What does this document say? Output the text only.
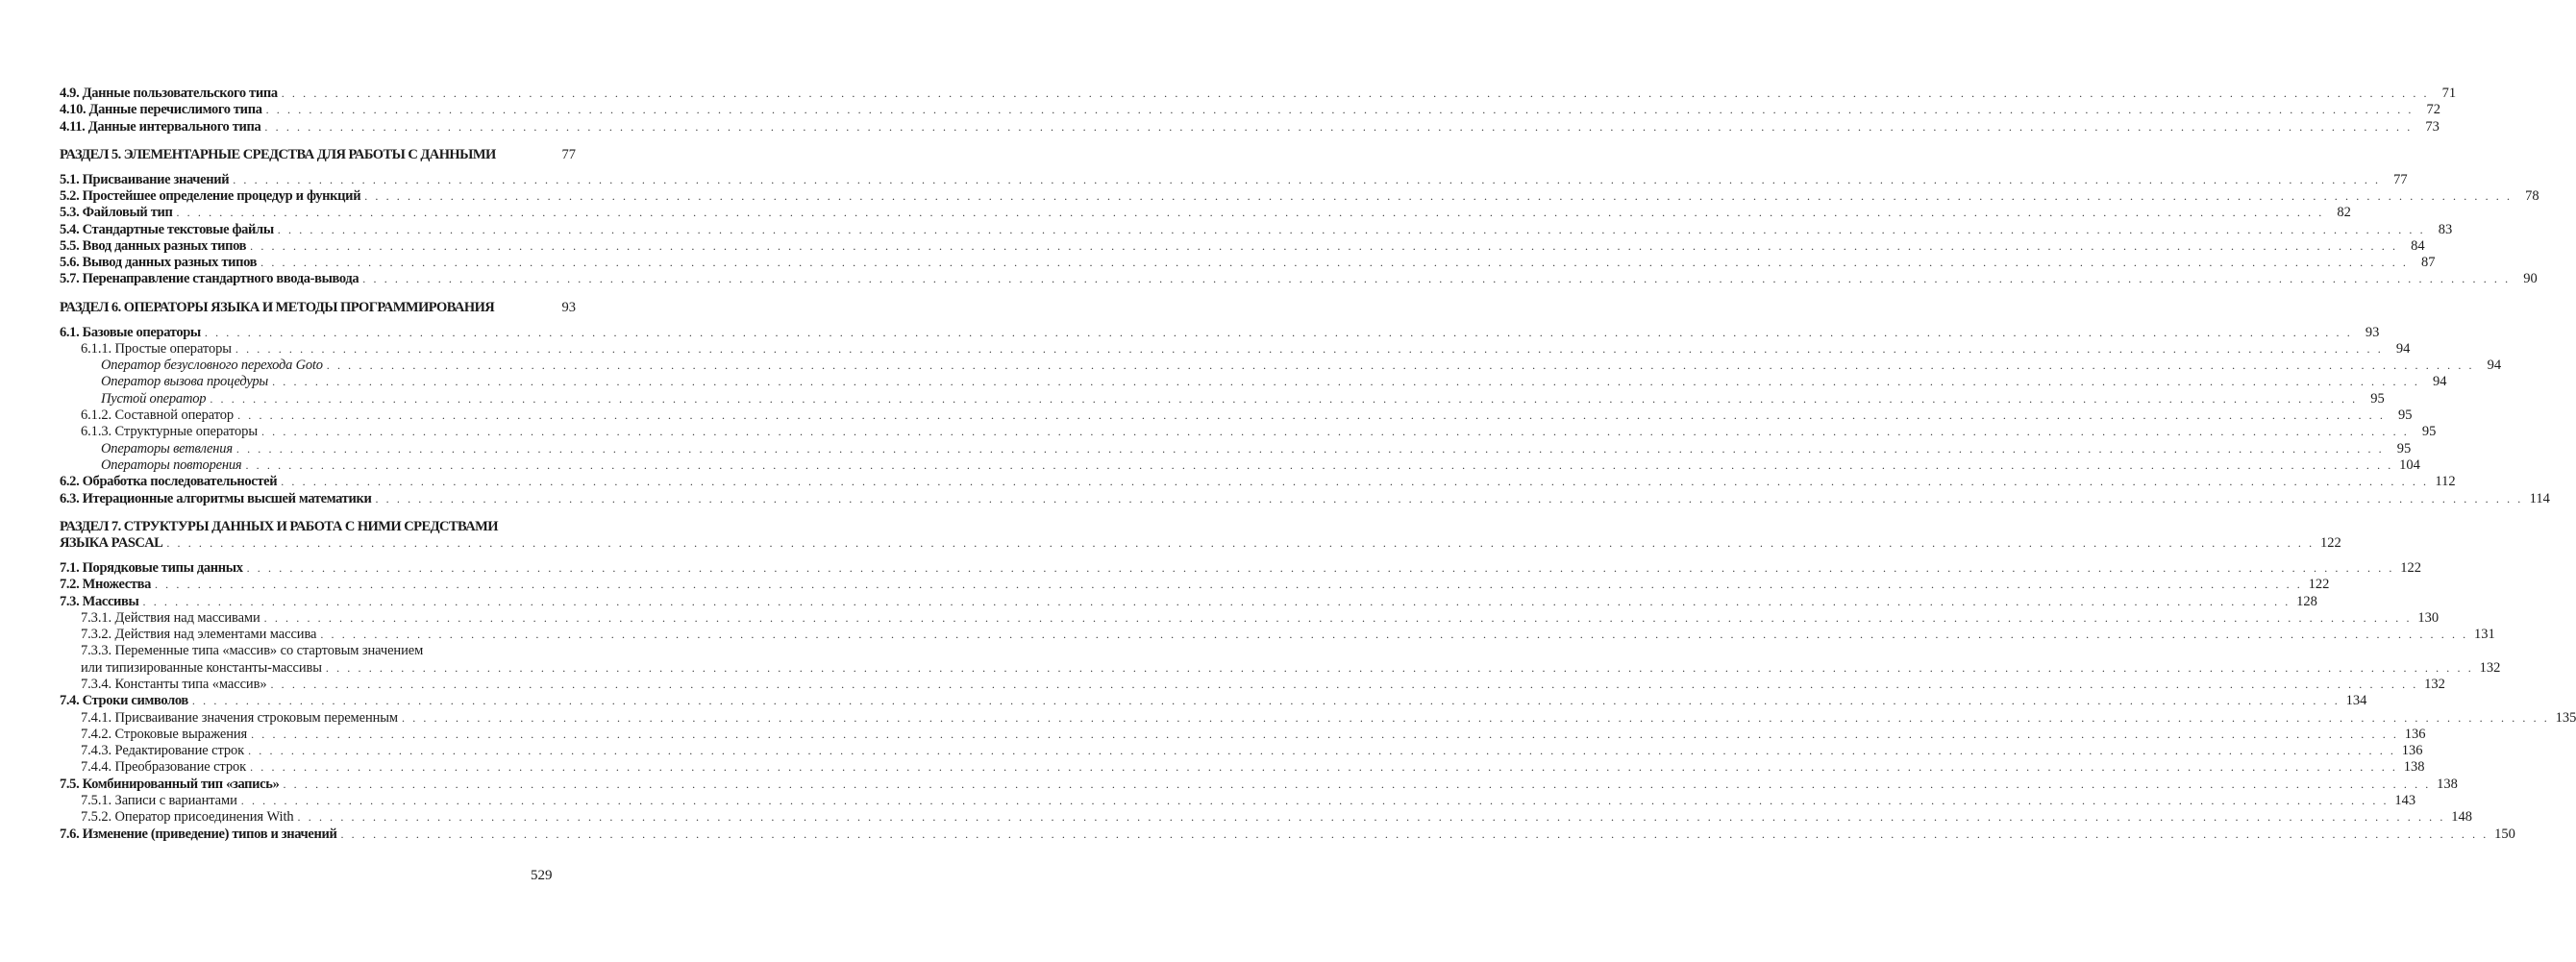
4.9. Данные пользовательского типа . . . . . . . . . . . . . . . . . . . . . . . . . . . . . . . . . . . . . . . . . . . . . . . . . . . . . . . . . . . . . . . . . . . . . . . . . . . . . . . . . . . . . . . . . . . . . . . . . . . . . . . . . . . . . . . . . . . . . . . . . . . . . . . . . . . . . . . . . . . . . . . . . . . . . . . . . . . . . . . . . . . . . . . . . . . . . . . . . . . . . . . . . . . . . . . . . . . . . . . . 71
4.10. Данные перечислимого типа . . . . . . . . . . . . . . . . . . . . . . . . . . . . . . . . . . . . . . . . . . . . . . . . . . . . . . . . . . . . . . . . . . . . . . . . . . . . . . . . . . . . . . . . . . . . . . . . . . . . . . . . . . . . . . . . . . . . . . . . . . . . . . . . . . . . . . . . . . . . . . . . . . . . . . . . . . . . . . . . . . . . . . . . . . . . . . . . . . . . . . . . . . . . . . . . . . . . . . . . 72
4.11. Данные интервального типа . . . . . . . . . . . . . . . . . . . . . . . . . . . . . . . . . . . . . . . . . . . . . . . . . . . . . . . . . . . . . . . . . . . . . . . . . . . . . . . . . . . . . . . . . . . . . . . . . . . . . . . . . . . . . . . . . . . . . . . . . . . . . . . . . . . . . . . . . . . . . . . . . . . . . . . . . . . . . . . . . . . . . . . . . . . . . . . . . . . . . . . . . . . . . . . . . . . . . . . . 73
РАЗДЕЛ 5. ЭЛЕМЕНТАРНЫЕ СРЕДСТВА ДЛЯ РАБОТЫ С ДАННЫМИ	77
5.1. Присваивание значений . . . . . . . . . . . . . . . . . . . . . . . . . . . . . . . . . . . . . . . . . . . . . . . . . . . . . . . . . . . . . . . . . . . . . . . . . . . . . . . . . . . . . . . . . . . . . . . . . . . . . . . . . . . . . . . . . . . . . . . . . . . . . . . . . . . . . . . . . . . . . . . . . . . . . . . . . . . . . . . . . . . . . . . . . . . . . . . . . . . . . . . . . . . . . . . . . . . . . . . . 77
5.2. Простейшее определение процедур и функций . . . . . . . . . . . . . . . . . . . . . . . . . . . . . . . . . . . . . . . . . . . . . . . . . . . . . . . . . . . . . . . . . . . . . . . . . . . . . . . . . . . . . . . . . . . . . . . . . . . . . . . . . . . . . . . . . . . . . . . . . . . . . . . . . . . . . . . . . . . . . . . . . . . . . . . . . . . . . . . . . . . . . . . . . . . . . . . . . . . . . . . . . . . . . . . . . . . . . . . . 78
5.3. Файловый тип . . . . . . . . . . . . . . . . . . . . . . . . . . . . . . . . . . . . . . . . . . . . . . . . . . . . . . . . . . . . . . . . . . . . . . . . . . . . . . . . . . . . . . . . . . . . . . . . . . . . . . . . . . . . . . . . . . . . . . . . . . . . . . . . . . . . . . . . . . . . . . . . . . . . . . . . . . . . . . . . . . . . . . . . . . . . . . . . . . . . . . . . . . . . . . . . . . . . . . . . 82
5.4. Стандартные текстовые файлы . . . . . . . . . . . . . . . . . . . . . . . . . . . . . . . . . . . . . . . . . . . . . . . . . . . . . . . . . . . . . . . . . . . . . . . . . . . . . . . . . . . . . . . . . . . . . . . . . . . . . . . . . . . . . . . . . . . . . . . . . . . . . . . . . . . . . . . . . . . . . . . . . . . . . . . . . . . . . . . . . . . . . . . . . . . . . . . . . . . . . . . . . . . . . . . . . . . . . . . . 83
5.5. Ввод данных разных типов . . . . . . . . . . . . . . . . . . . . . . . . . . . . . . . . . . . . . . . . . . . . . . . . . . . . . . . . . . . . . . . . . . . . . . . . . . . . . . . . . . . . . . . . . . . . . . . . . . . . . . . . . . . . . . . . . . . . . . . . . . . . . . . . . . . . . . . . . . . . . . . . . . . . . . . . . . . . . . . . . . . . . . . . . . . . . . . . . . . . . . . . . . . . . . . . . . . . . . . . 84
5.6. Вывод данных разных типов . . . . . . . . . . . . . . . . . . . . . . . . . . . . . . . . . . . . . . . . . . . . . . . . . . . . . . . . . . . . . . . . . . . . . . . . . . . . . . . . . . . . . . . . . . . . . . . . . . . . . . . . . . . . . . . . . . . . . . . . . . . . . . . . . . . . . . . . . . . . . . . . . . . . . . . . . . . . . . . . . . . . . . . . . . . . . . . . . . . . . . . . . . . . . . . . . . . . . . . . 87
5.7. Перенаправление стандартного ввода-вывода . . . . . . . . . . . . . . . . . . . . . . . . . . . . . . . . . . . . . . . . . . . . . . . . . . . . . . . . . . . . . . . . . . . . . . . . . . . . . . . . . . . . . . . . . . . . . . . . . . . . . . . . . . . . . . . . . . . . . . . . . . . . . . . . . . . . . . . . . . . . . . . . . . . . . . . . . . . . . . . . . . . . . . . . . . . . . . . . . . . . . . . . . . . . . . . . . . . . . . . . 90
РАЗДЕЛ 6. ОПЕРАТОРЫ ЯЗЫКА И МЕТОДЫ ПРОГРАММИРОВАНИЯ	93
6.1. Базовые операторы . . . . . . . . . . . . . . . . . . . . . . . . . . . . . . . . . . . . . . . . . . . . . . . . . . . . . . . . . . . . . . . . . . . . . . . . . . . . . . . . . . . . . . . . . . . . . . . . . . . . . . . . . . . . . . . . . . . . . . . . . . . . . . . . . . . . . . . . . . . . . . . . . . . . . . . . . . . . . . . . . . . . . . . . . . . . . . . . . . . . . . . . . . . . . . . . . . . . . . . . 93
6.1.1. Простые операторы . . . . . . . . . . . . . . . . . . . . . . . . . . . . . . . . . . . . . . . . . . . . . . . . . . . . . . . . . . . . . . . . . . . . . . . . . . . . . . . . . . . . . . . . . . . . . . . . . . . . . . . . . . . . . . . . . . . . . . . . . . . . . . . . . . . . . . . . . . . . . . . . . . . . . . . . . . . . . . . . . . . . . . . . . . . . . . . . . . . . . . . . . . . . . . . . . . . . . . . . 94
Оператор безусловного перехода Goto . . . . . . . . . . . . . . . . . . . . . . . . . . . . . . . . . . . . . . . . . . . . . . . . . . . . . . . . . . . . . . . . . . . . . . . . . . . . . . . . . . . . . . . . . . . . . . . . . . . . . . . . . . . . . . . . . . . . . . . . . . . . . . . . . . . . . . . . . . . . . . . . . . . . . . . . . . . . . . . . . . . . . . . . . . . . . . . . . . . . . . . . . . . . . . . . . . . . . . . . 94
Оператор вызова процедуры . . . . . . . . . . . . . . . . . . . . . . . . . . . . . . . . . . . . . . . . . . . . . . . . . . . . . . . . . . . . . . . . . . . . . . . . . . . . . . . . . . . . . . . . . . . . . . . . . . . . . . . . . . . . . . . . . . . . . . . . . . . . . . . . . . . . . . . . . . . . . . . . . . . . . . . . . . . . . . . . . . . . . . . . . . . . . . . . . . . . . . . . . . . . . . . . . . . . . . . . 94
Пустой оператор . . . . . . . . . . . . . . . . . . . . . . . . . . . . . . . . . . . . . . . . . . . . . . . . . . . . . . . . . . . . . . . . . . . . . . . . . . . . . . . . . . . . . . . . . . . . . . . . . . . . . . . . . . . . . . . . . . . . . . . . . . . . . . . . . . . . . . . . . . . . . . . . . . . . . . . . . . . . . . . . . . . . . . . . . . . . . . . . . . . . . . . . . . . . . . . . . . . . . . . . 95
6.1.2. Составной оператор . . . . . . . . . . . . . . . . . . . . . . . . . . . . . . . . . . . . . . . . . . . . . . . . . . . . . . . . . . . . . . . . . . . . . . . . . . . . . . . . . . . . . . . . . . . . . . . . . . . . . . . . . . . . . . . . . . . . . . . . . . . . . . . . . . . . . . . . . . . . . . . . . . . . . . . . . . . . . . . . . . . . . . . . . . . . . . . . . . . . . . . . . . . . . . . . . . . . . . . . 95
6.1.3. Структурные операторы . . . . . . . . . . . . . . . . . . . . . . . . . . . . . . . . . . . . . . . . . . . . . . . . . . . . . . . . . . . . . . . . . . . . . . . . . . . . . . . . . . . . . . . . . . . . . . . . . . . . . . . . . . . . . . . . . . . . . . . . . . . . . . . . . . . . . . . . . . . . . . . . . . . . . . . . . . . . . . . . . . . . . . . . . . . . . . . . . . . . . . . . . . . . . . . . . . . . . . . . 95
Операторы ветвления . . . . . . . . . . . . . . . . . . . . . . . . . . . . . . . . . . . . . . . . . . . . . . . . . . . . . . . . . . . . . . . . . . . . . . . . . . . . . . . . . . . . . . . . . . . . . . . . . . . . . . . . . . . . . . . . . . . . . . . . . . . . . . . . . . . . . . . . . . . . . . . . . . . . . . . . . . . . . . . . . . . . . . . . . . . . . . . . . . . . . . . . . . . . . . . . . . . . . . . . 95
Операторы повторения . . . . . . . . . . . . . . . . . . . . . . . . . . . . . . . . . . . . . . . . . . . . . . . . . . . . . . . . . . . . . . . . . . . . . . . . . . . . . . . . . . . . . . . . . . . . . . . . . . . . . . . . . . . . . . . . . . . . . . . . . . . . . . . . . . . . . . . . . . . . . . . . . . . . . . . . . . . . . . . . . . . . . . . . . . . . . . . . . . . . . . . . . . . . . . . . . . . . . . . . 104
6.2. Обработка последовательностей . . . . . . . . . . . . . . . . . . . . . . . . . . . . . . . . . . . . . . . . . . . . . . . . . . . . . . . . . . . . . . . . . . . . . . . . . . . . . . . . . . . . . . . . . . . . . . . . . . . . . . . . . . . . . . . . . . . . . . . . . . . . . . . . . . . . . . . . . . . . . . . . . . . . . . . . . . . . . . . . . . . . . . . . . . . . . . . . . . . . . . . . . . . . . . . . . . . . . . . . 112
6.3. Итерационные алгоритмы высшей математики . . . . . . . . . . . . . . . . . . . . . . . . . . . . . . . . . . . . . . . . . . . . . . . . . . . . . . . . . . . . . . . . . . . . . . . . . . . . . . . . . . . . . . . . . . . . . . . . . . . . . . . . . . . . . . . . . . . . . . . . . . . . . . . . . . . . . . . . . . . . . . . . . . . . . . . . . . . . . . . . . . . . . . . . . . . . . . . . . . . . . . . . . . . . . . . . . . . . . . . . 114
РАЗДЕЛ 7. СТРУКТУРЫ ДАННЫХ И РАБОТА С НИМИ СРЕДСТВАМИ
ЯЗЫКА PASCAL . . . . . . . . . . . . . . . . . . . . . . . . . . . . . . . . . . . . . . . . . . . . . . . . . . . . . . . . . . . . . . . . . . . . . . . . . . . . . . . . . . . . . . . . . . . . . . . . . . . . . . . . . . . . . . . . . . . . . . . . . . . . . . . . . . . . . . . . . . . . . . . . . . . . . . . . . . . . . . . . . . . . . . . . . . . . . . . . . . . . . . . . . . . . . . . . . . . . . . . . 122
7.1. Порядковые типы данных . . . . . . . . . . . . . . . . . . . . . . . . . . . . . . . . . . . . . . . . . . . . . . . . . . . . . . . . . . . . . . . . . . . . . . . . . . . . . . . . . . . . . . . . . . . . . . . . . . . . . . . . . . . . . . . . . . . . . . . . . . . . . . . . . . . . . . . . . . . . . . . . . . . . . . . . . . . . . . . . . . . . . . . . . . . . . . . . . . . . . . . . . . . . . . . . . . . . . . . . 122
7.2. Множества . . . . . . . . . . . . . . . . . . . . . . . . . . . . . . . . . . . . . . . . . . . . . . . . . . . . . . . . . . . . . . . . . . . . . . . . . . . . . . . . . . . . . . . . . . . . . . . . . . . . . . . . . . . . . . . . . . . . . . . . . . . . . . . . . . . . . . . . . . . . . . . . . . . . . . . . . . . . . . . . . . . . . . . . . . . . . . . . . . . . . . . . . . . . . . . . . . . . . . . . 122
7.3. Массивы . . . . . . . . . . . . . . . . . . . . . . . . . . . . . . . . . . . . . . . . . . . . . . . . . . . . . . . . . . . . . . . . . . . . . . . . . . . . . . . . . . . . . . . . . . . . . . . . . . . . . . . . . . . . . . . . . . . . . . . . . . . . . . . . . . . . . . . . . . . . . . . . . . . . . . . . . . . . . . . . . . . . . . . . . . . . . . . . . . . . . . . . . . . . . . . . . . . . . . . . 128
7.3.1. Действия над массивами . . . . . . . . . . . . . . . . . . . . . . . . . . . . . . . . . . . . . . . . . . . . . . . . . . . . . . . . . . . . . . . . . . . . . . . . . . . . . . . . . . . . . . . . . . . . . . . . . . . . . . . . . . . . . . . . . . . . . . . . . . . . . . . . . . . . . . . . . . . . . . . . . . . . . . . . . . . . . . . . . . . . . . . . . . . . . . . . . . . . . . . . . . . . . . . . . . . . . . . . 130
7.3.2. Действия над элементами массива . . . . . . . . . . . . . . . . . . . . . . . . . . . . . . . . . . . . . . . . . . . . . . . . . . . . . . . . . . . . . . . . . . . . . . . . . . . . . . . . . . . . . . . . . . . . . . . . . . . . . . . . . . . . . . . . . . . . . . . . . . . . . . . . . . . . . . . . . . . . . . . . . . . . . . . . . . . . . . . . . . . . . . . . . . . . . . . . . . . . . . . . . . . . . . . . . . . . . . . . 131
7.3.3. Переменные типа «массив» со стартовым значением
или типизированные константы-массивы . . . . . . . . . . . . . . . . . . . . . . . . . . . . . . . . . . . . . . . . . . . . . . . . . . . . . . . . . . . . . . . . . . . . . . . . . . . . . . . . . . . . . . . . . . . . . . . . . . . . . . . . . . . . . . . . . . . . . . . . . . . . . . . . . . . . . . . . . . . . . . . . . . . . . . . . . . . . . . . . . . . . . . . . . . . . . . . . . . . . . . . . . . . . . . . . . . . . . . . . 132
7.3.4. Константы типа «массив» . . . . . . . . . . . . . . . . . . . . . . . . . . . . . . . . . . . . . . . . . . . . . . . . . . . . . . . . . . . . . . . . . . . . . . . . . . . . . . . . . . . . . . . . . . . . . . . . . . . . . . . . . . . . . . . . . . . . . . . . . . . . . . . . . . . . . . . . . . . . . . . . . . . . . . . . . . . . . . . . . . . . . . . . . . . . . . . . . . . . . . . . . . . . . . . . . . . . . . . . 132
7.4. Строки символов . . . . . . . . . . . . . . . . . . . . . . . . . . . . . . . . . . . . . . . . . . . . . . . . . . . . . . . . . . . . . . . . . . . . . . . . . . . . . . . . . . . . . . . . . . . . . . . . . . . . . . . . . . . . . . . . . . . . . . . . . . . . . . . . . . . . . . . . . . . . . . . . . . . . . . . . . . . . . . . . . . . . . . . . . . . . . . . . . . . . . . . . . . . . . . . . . . . . . . . . 134
7.4.1. Присваивание значения строковым переменным . . . . . . . . . . . . . . . . . . . . . . . . . . . . . . . . . . . . . . . . . . . . . . . . . . . . . . . . . . . . . . . . . . . . . . . . . . . . . . . . . . . . . . . . . . . . . . . . . . . . . . . . . . . . . . . . . . . . . . . . . . . . . . . . . . . . . . . . . . . . . . . . . . . . . . . . . . . . . . . . . . . . . . . . . . . . . . . . . . . . . . . . . . . . . . . . . . . . . . . . 135
7.4.2. Строковые выражения . . . . . . . . . . . . . . . . . . . . . . . . . . . . . . . . . . . . . . . . . . . . . . . . . . . . . . . . . . . . . . . . . . . . . . . . . . . . . . . . . . . . . . . . . . . . . . . . . . . . . . . . . . . . . . . . . . . . . . . . . . . . . . . . . . . . . . . . . . . . . . . . . . . . . . . . . . . . . . . . . . . . . . . . . . . . . . . . . . . . . . . . . . . . . . . . . . . . . . . . 136
7.4.3. Редактирование строк . . . . . . . . . . . . . . . . . . . . . . . . . . . . . . . . . . . . . . . . . . . . . . . . . . . . . . . . . . . . . . . . . . . . . . . . . . . . . . . . . . . . . . . . . . . . . . . . . . . . . . . . . . . . . . . . . . . . . . . . . . . . . . . . . . . . . . . . . . . . . . . . . . . . . . . . . . . . . . . . . . . . . . . . . . . . . . . . . . . . . . . . . . . . . . . . . . . . . . . . 136
7.4.4. Преобразование строк . . . . . . . . . . . . . . . . . . . . . . . . . . . . . . . . . . . . . . . . . . . . . . . . . . . . . . . . . . . . . . . . . . . . . . . . . . . . . . . . . . . . . . . . . . . . . . . . . . . . . . . . . . . . . . . . . . . . . . . . . . . . . . . . . . . . . . . . . . . . . . . . . . . . . . . . . . . . . . . . . . . . . . . . . . . . . . . . . . . . . . . . . . . . . . . . . . . . . . . . 138
7.5. Комбинированный тип «запись» . . . . . . . . . . . . . . . . . . . . . . . . . . . . . . . . . . . . . . . . . . . . . . . . . . . . . . . . . . . . . . . . . . . . . . . . . . . . . . . . . . . . . . . . . . . . . . . . . . . . . . . . . . . . . . . . . . . . . . . . . . . . . . . . . . . . . . . . . . . . . . . . . . . . . . . . . . . . . . . . . . . . . . . . . . . . . . . . . . . . . . . . . . . . . . . . . . . . . . . . 138
7.5.1. Записи с вариантами . . . . . . . . . . . . . . . . . . . . . . . . . . . . . . . . . . . . . . . . . . . . . . . . . . . . . . . . . . . . . . . . . . . . . . . . . . . . . . . . . . . . . . . . . . . . . . . . . . . . . . . . . . . . . . . . . . . . . . . . . . . . . . . . . . . . . . . . . . . . . . . . . . . . . . . . . . . . . . . . . . . . . . . . . . . . . . . . . . . . . . . . . . . . . . . . . . . . . . . . 143
7.5.2. Оператор присоединения With . . . . . . . . . . . . . . . . . . . . . . . . . . . . . . . . . . . . . . . . . . . . . . . . . . . . . . . . . . . . . . . . . . . . . . . . . . . . . . . . . . . . . . . . . . . . . . . . . . . . . . . . . . . . . . . . . . . . . . . . . . . . . . . . . . . . . . . . . . . . . . . . . . . . . . . . . . . . . . . . . . . . . . . . . . . . . . . . . . . . . . . . . . . . . . . . . . . . . . . . 148
7.6. Изменение (приведение) типов и значений . . . . . . . . . . . . . . . . . . . . . . . . . . . . . . . . . . . . . . . . . . . . . . . . . . . . . . . . . . . . . . . . . . . . . . . . . . . . . . . . . . . . . . . . . . . . . . . . . . . . . . . . . . . . . . . . . . . . . . . . . . . . . . . . . . . . . . . . . . . . . . . . . . . . . . . . . . . . . . . . . . . . . . . . . . . . . . . . . . . . . . . . . . . . . . . . . . . . . . . . 150
529
